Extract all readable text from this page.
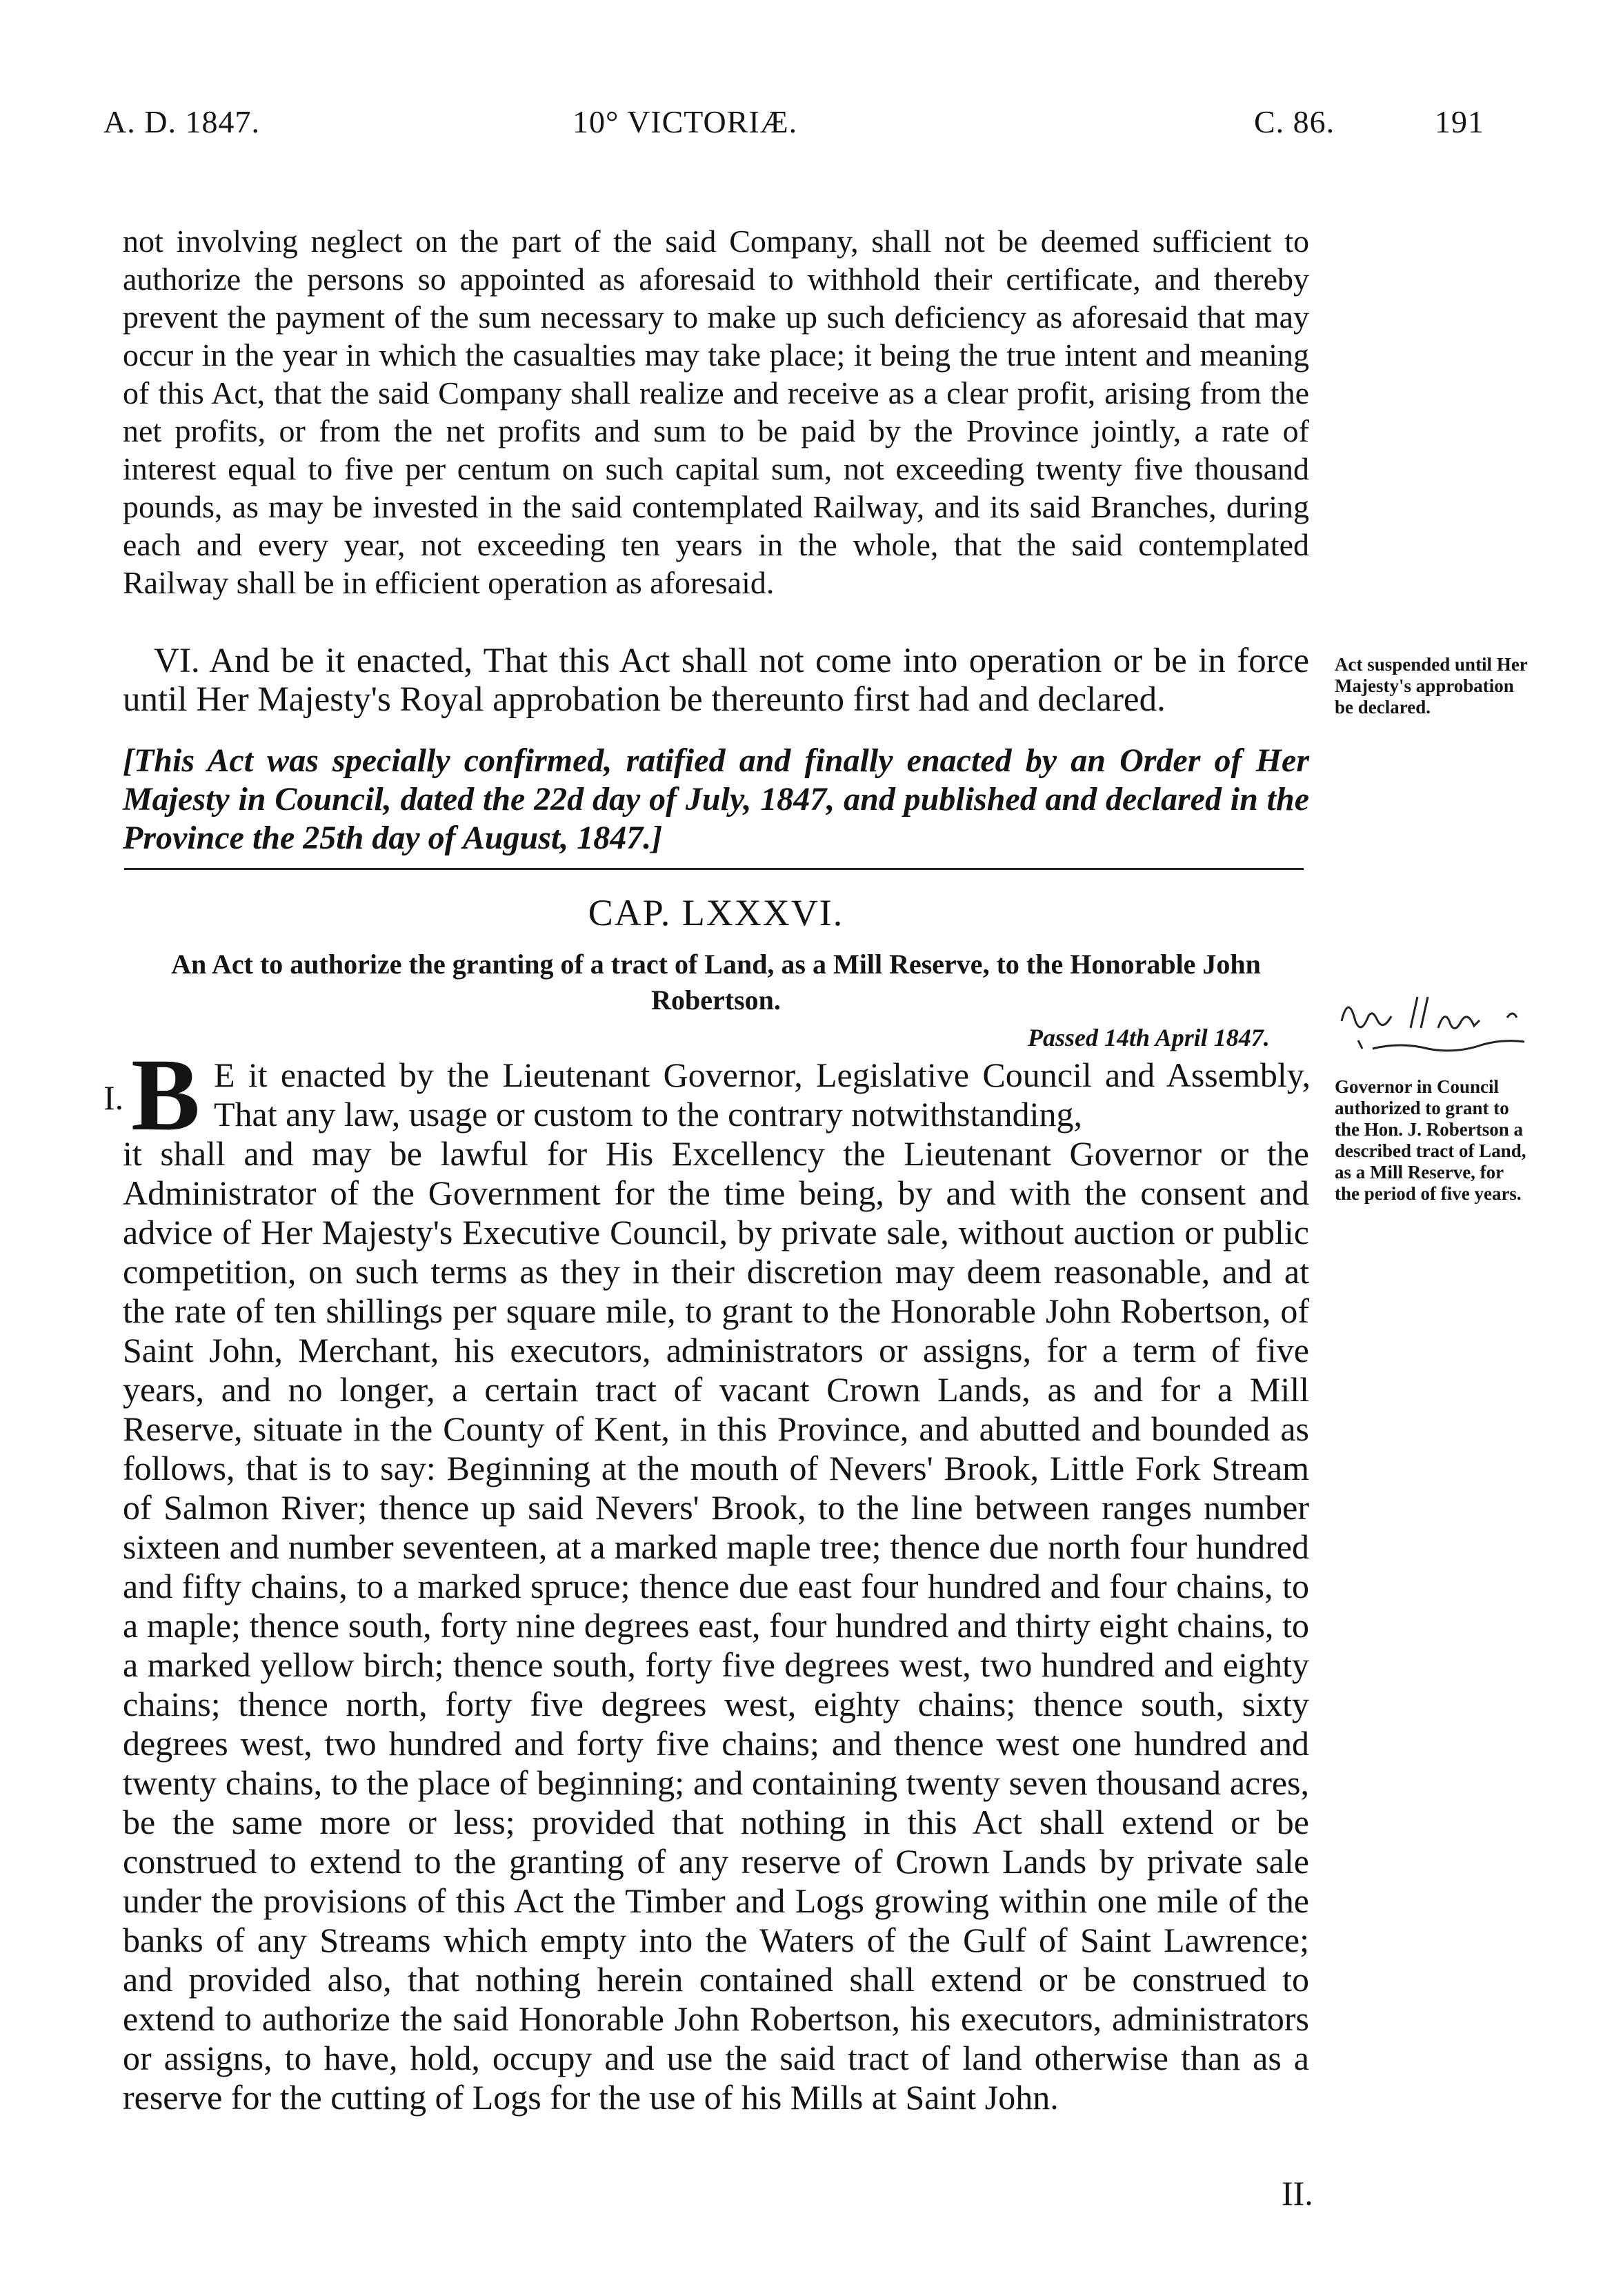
A. D. 1847.	10° VICTORIÆ.	C. 86.	191

not involving neglect on the part of the said Company, shall not be deemed sufficient to authorize the persons so appointed as aforesaid to withhold their certificate, and thereby prevent the payment of the sum necessary to make up such deficiency as aforesaid that may occur in the year in which the casualties may take place; it being the true intent and meaning of this Act, that the said Company shall realize and receive as a clear profit, arising from the net profits, or from the net profits and sum to be paid by the Province jointly, a rate of interest equal to five per centum on such capital sum, not exceeding twenty five thousand pounds, as may be invested in the said contemplated Railway, and its said Branches, during each and every year, not exceeding ten years in the whole, that the said contemplated Railway shall be in efficient operation as aforesaid.

VI. And be it enacted, That this Act shall not come into operation or be in force until Her Majesty's Royal approbation be thereunto first had and declared.

Act suspended until Her Majesty's approbation be declared.
[This Act was specially confirmed, ratified and finally enacted by an Order of Her Majesty in Council, dated the 22d day of July, 1847, and published and declared in the Province the 25th day of August, 1847.]
CAP. LXXXVI.
An Act to authorize the granting of a tract of Land, as a Mill Reserve, to the Honorable John Robertson.
Passed 14th April 1847.
I. B E it enacted by the Lieutenant Governor, Legislative Council and Assembly, That any law, usage or custom to the contrary notwithstanding,
it shall and may be lawful for His Excellency the Lieutenant Governor or the Administrator of the Government for the time being, by and with the consent and advice of Her Majesty's Executive Council, by private sale, without auction or public competition, on such terms as they in their discretion may deem reasonable, and at the rate of ten shillings per square mile, to grant to the Honorable John Robertson, of Saint John, Merchant, his executors, administrators or assigns, for a term of five years, and no longer, a certain tract of vacant Crown Lands, as and for a Mill Reserve, situate in the County of Kent, in this Province, and abutted and bounded as follows, that is to say: Beginning at the mouth of Nevers' Brook, Little Fork Stream of Salmon River; thence up said Nevers' Brook, to the line between ranges number sixteen and number seventeen, at a marked maple tree; thence due north four hundred and fifty chains, to a marked spruce; thence due east four hundred and four chains, to a maple; thence south, forty nine degrees east, four hundred and thirty eight chains, to a marked yellow birch; thence south, forty five degrees west, two hundred and eighty chains; thence north, forty five degrees west, eighty chains; thence south, sixty degrees west, two hundred and forty five chains; and thence west one hundred and twenty chains, to the place of beginning; and containing twenty seven thousand acres, be the same more or less; provided that nothing in this Act shall extend or be construed to extend to the granting of any reserve of Crown Lands by private sale under the provisions of this Act the Timber and Logs growing within one mile of the banks of any Streams which empty into the Waters of the Gulf of Saint Lawrence; and provided also, that nothing herein contained shall extend or be construed to extend to authorize the said Honorable John Robertson, his executors, administrators or assigns, to have, hold, occupy and use the said tract of land otherwise than as a reserve for the cutting of Logs for the use of his Mills at Saint John.
Governor in Council authorized to grant to the Hon. J. Robertson a described tract of Land, as a Mill Reserve, for the period of five years.
II.
